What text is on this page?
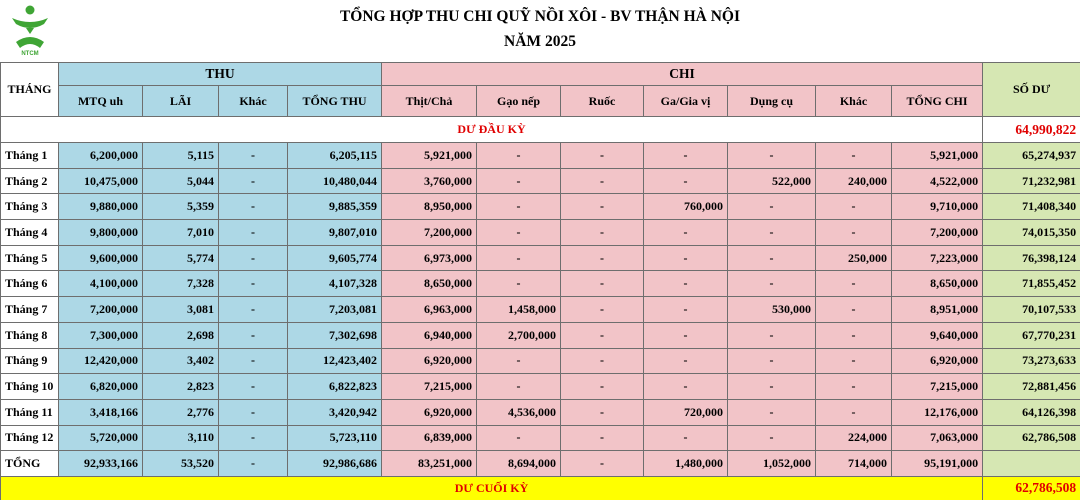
NTCM
TỔNG HỢP THU CHI QUỸ NỒI XÔI - BV THẬN HÀ NỘI
NĂM 2025
THÁNG	THU				CHI							SỐ DƯ
	MTQ uh	LÃI	Khác	TỔNG THU	Thịt/Chả	Gạo nếp	Ruốc	Ga/Gia vị	Dụng cụ	Khác	TỔNG CHI	
DƯ ĐẦU KỲ												64,990,822
Tháng 1	6,200,000	5,115	-	6,205,115	5,921,000	-	-	-	-	-	5,921,000	65,274,937
Tháng 2	10,475,000	5,044	-	10,480,044	3,760,000	-	-	-	522,000	240,000	4,522,000	71,232,981
Tháng 3	9,880,000	5,359	-	9,885,359	8,950,000	-	-	760,000	-	-	9,710,000	71,408,340
Tháng 4	9,800,000	7,010	-	9,807,010	7,200,000	-	-	-	-	-	7,200,000	74,015,350
Tháng 5	9,600,000	5,774	-	9,605,774	6,973,000	-	-	-	-	250,000	7,223,000	76,398,124
Tháng 6	4,100,000	7,328	-	4,107,328	8,650,000	-	-	-	-	-	8,650,000	71,855,452
Tháng 7	7,200,000	3,081	-	7,203,081	6,963,000	1,458,000	-	-	530,000	-	8,951,000	70,107,533
Tháng 8	7,300,000	2,698	-	7,302,698	6,940,000	2,700,000	-	-	-	-	9,640,000	67,770,231
Tháng 9	12,420,000	3,402	-	12,423,402	6,920,000	-	-	-	-	-	6,920,000	73,273,633
Tháng 10	6,820,000	2,823	-	6,822,823	7,215,000	-	-	-	-	-	7,215,000	72,881,456
Tháng 11	3,418,166	2,776	-	3,420,942	6,920,000	4,536,000	-	720,000	-	-	12,176,000	64,126,398
Tháng 12	5,720,000	3,110	-	5,723,110	6,839,000	-	-	-	-	224,000	7,063,000	62,786,508
TỔNG	92,933,166	53,520	-	92,986,686	83,251,000	8,694,000	-	1,480,000	1,052,000	714,000	95,191,000	
DƯ CUỐI KỲ												62,786,508
